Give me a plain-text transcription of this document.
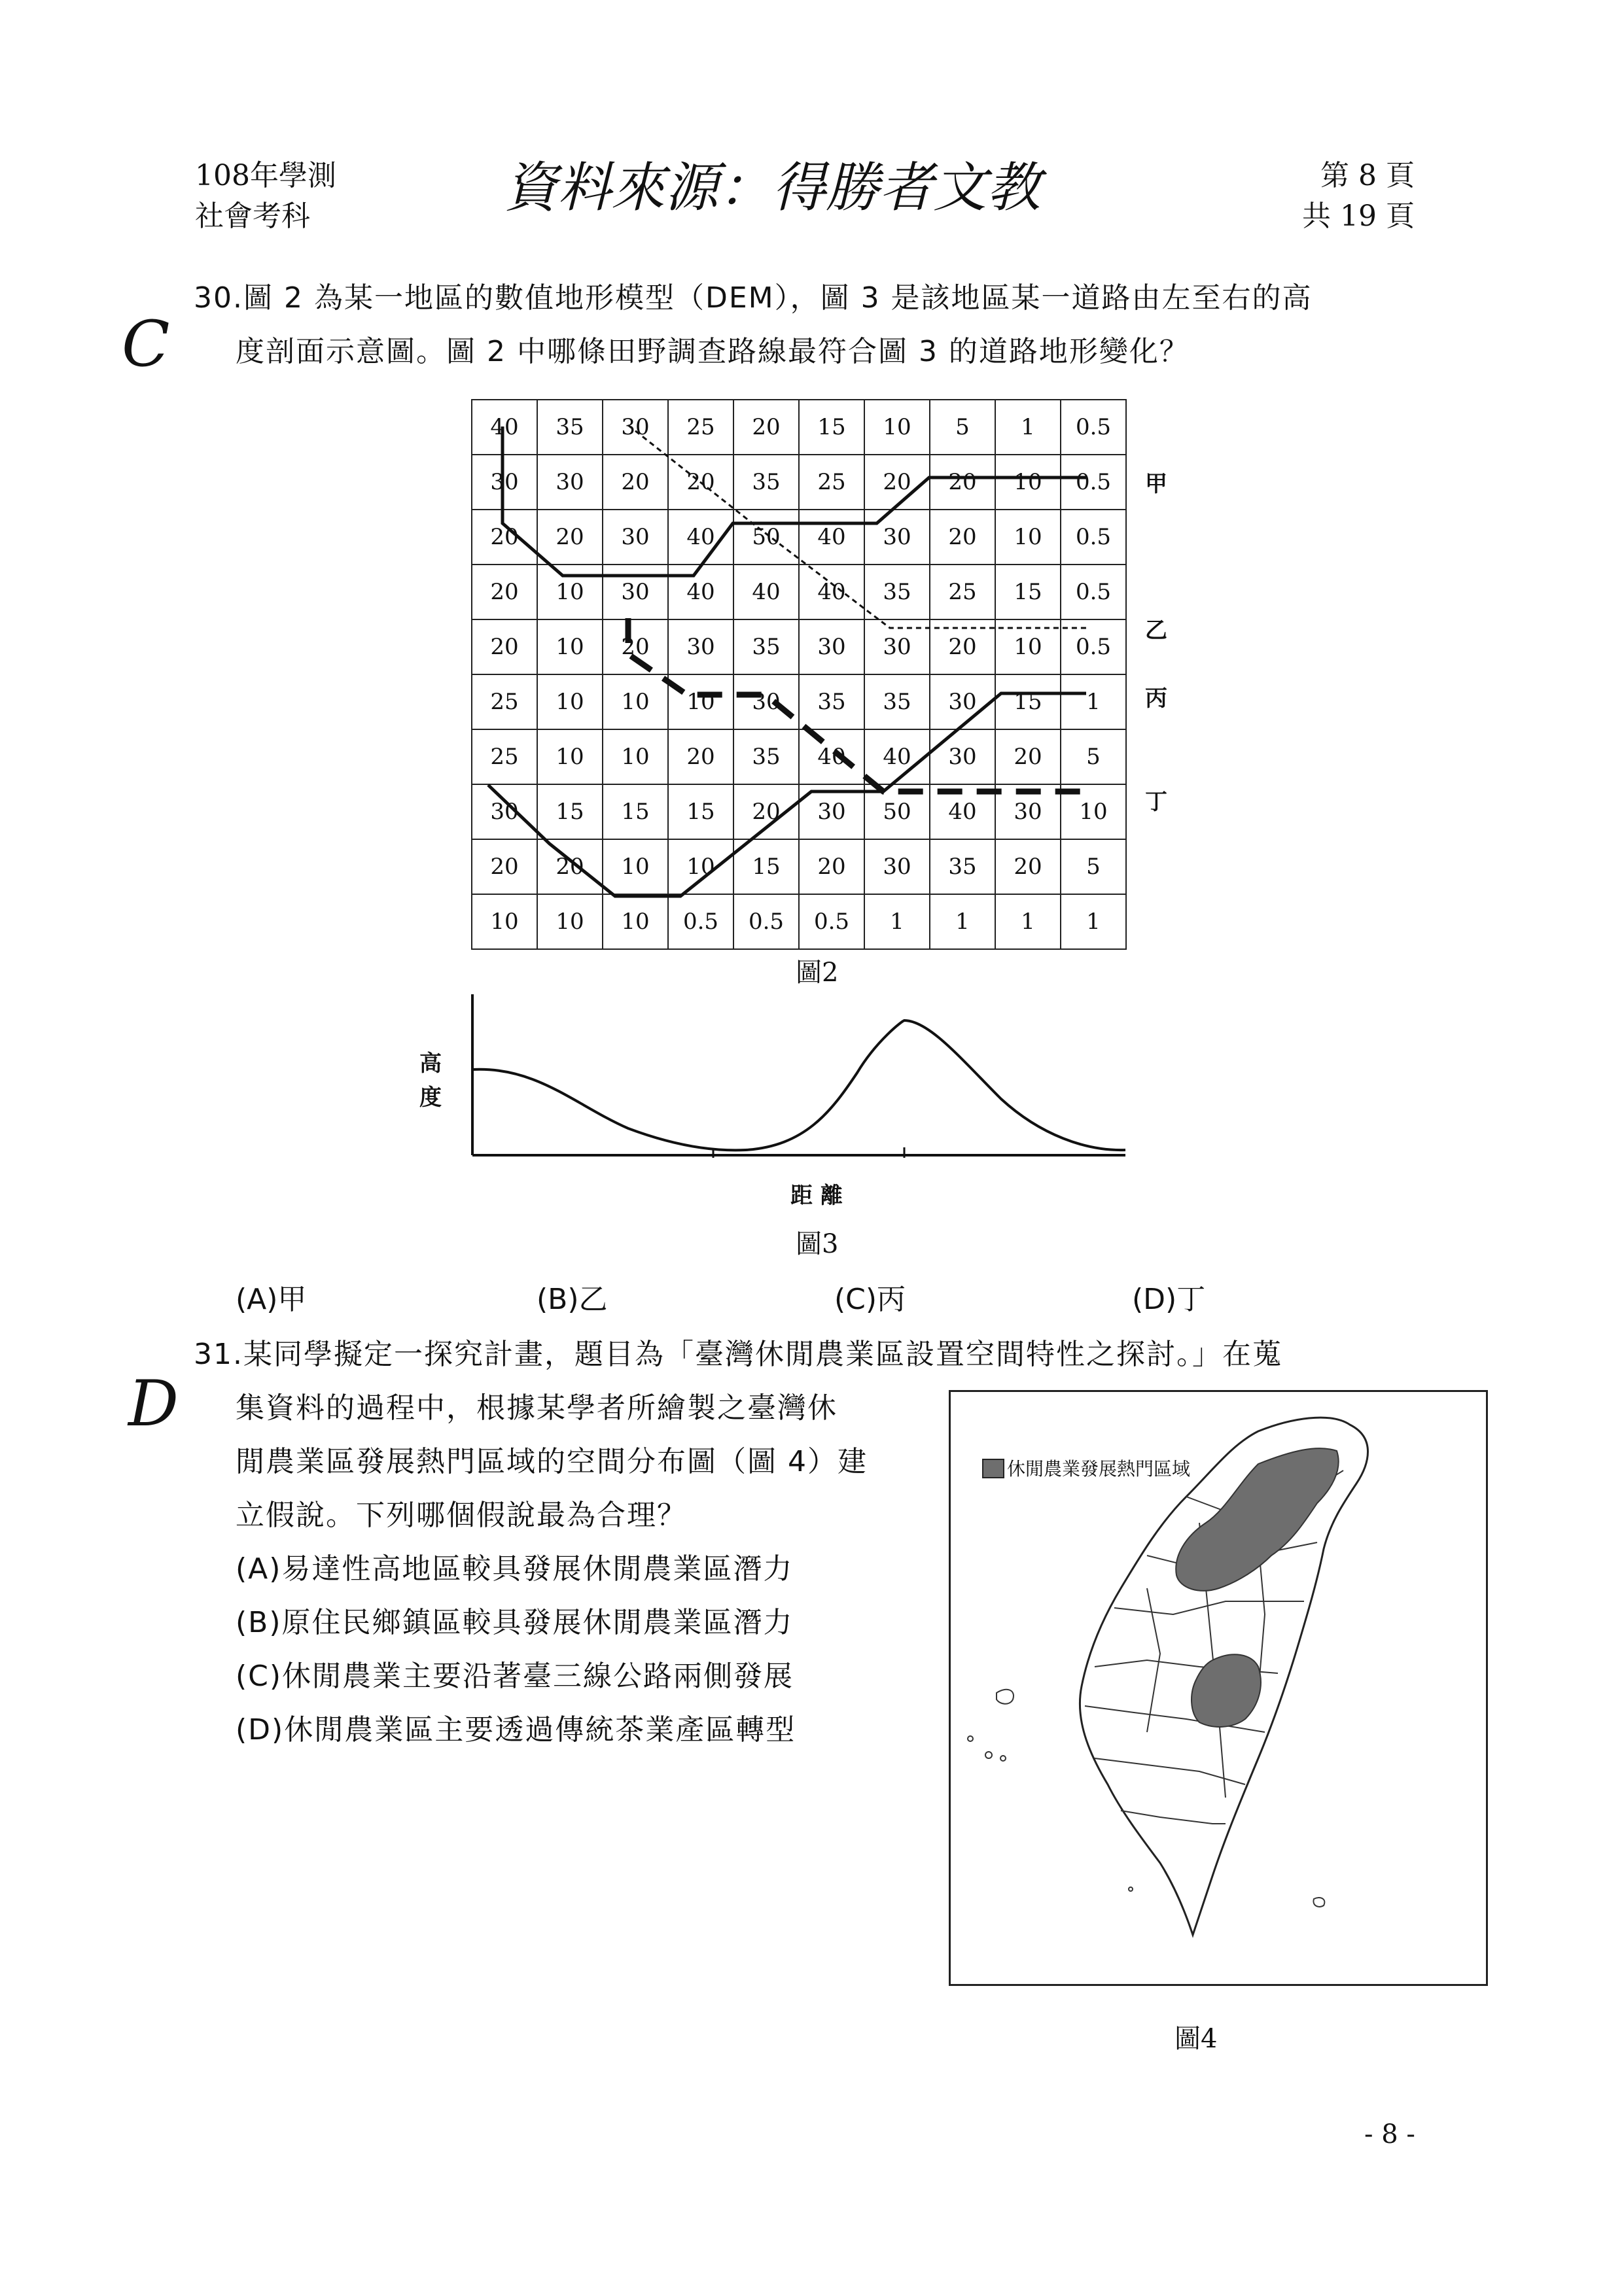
108年學測
社會考科	資料來源：得勝者文教	第 8 頁
共 19 頁
C
30.圖 2 為某一地區的數值地形模型（DEM），圖 3 是該地區某一道路由左至右的高
度剖面示意圖。圖 2 中哪條田野調查路線最符合圖 3 的道路地形變化？
40	35	30	25	20	15	10	5	1	0.5
30	30	20	20	35	25	20	20	10	0.5
20	20	30	40	50	40	30	20	10	0.5
20	10	30	40	40	40	35	25	15	0.5
20	10	20	30	35	30	30	20	10	0.5
25	10	10	10	30	35	35	30	15	1
25	10	10	20	35	40	40	30	20	5
30	15	15	15	20	30	50	40	30	10
20	20	10	10	15	20	30	35	20	5
10	10	10	0.5	0.5	0.5	1	1	1	1
甲
乙
丙
丁
圖2
高度
距 離
圖3
(A)甲	(B)乙	(C)丙	(D)丁
D
31.某同學擬定一探究計畫，題目為「臺灣休閒農業區設置空間特性之探討。」在蒐
集資料的過程中，根據某學者所繪製之臺灣休
閒農業區發展熱門區域的空間分布圖（圖 4）建
立假說。下列哪個假說最為合理？
(A)易達性高地區較具發展休閒農業區潛力
(B)原住民鄉鎮區較具發展休閒農業區潛力
(C)休閒農業主要沿著臺三線公路兩側發展
(D)休閒農業區主要透過傳統茶業產區轉型
休閒農業發展熱門區域
圖4
- 8 -
